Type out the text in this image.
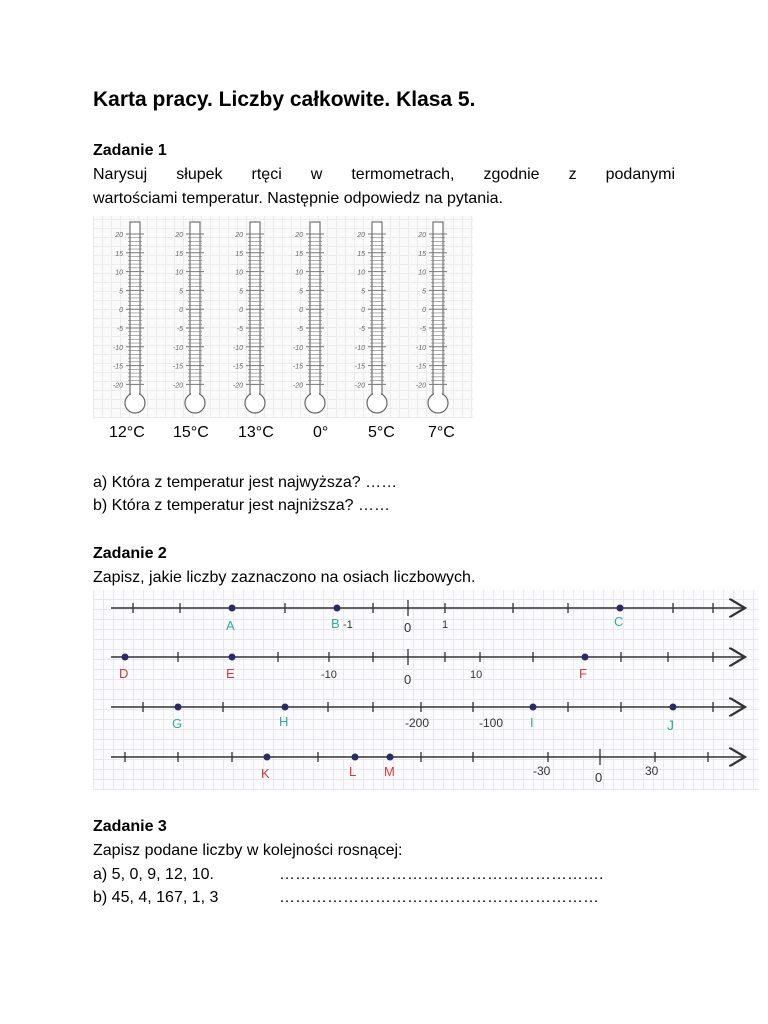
Karta pracy. Liczby całkowite. Klasa 5.
Zadanie 1
Narysuj słupek rtęci w termometrach, zgodnie z podanymi
wartościami temperatur. Następnie odpowiedz na pytania.
20
15
10
5
0
-5
-10
-15
-20
20
15
10
5
0
-5
-10
-15
-20
20
15
10
5
0
-5
-10
-15
-20
20
15
10
5
0
-5
-10
-15
-20
20
15
10
5
0
-5
-10
-15
-20
20
15
10
5
0
-5
-10
-15
-20
12°C 15°C 13°C 0° 5°C 7°C
a) Która z temperatur jest najwyższa? ……
b) Która z temperatur jest najniższa? ……
Zadanie 2
Zapisz, jakie liczby zaznaczono na osiach liczbowych.
A	B -1	0	1	C
D	E	F
-10	0	10
G	H	I	J
-200	-100
K	L M	-30	0	30
Zadanie 3
Zapisz podane liczby w kolejności rosnącej:
a) 5, 0, 9, 12, 10.	…………………………………………………….
b) 45, 4, 167, 1, 3	……………………………………………………
